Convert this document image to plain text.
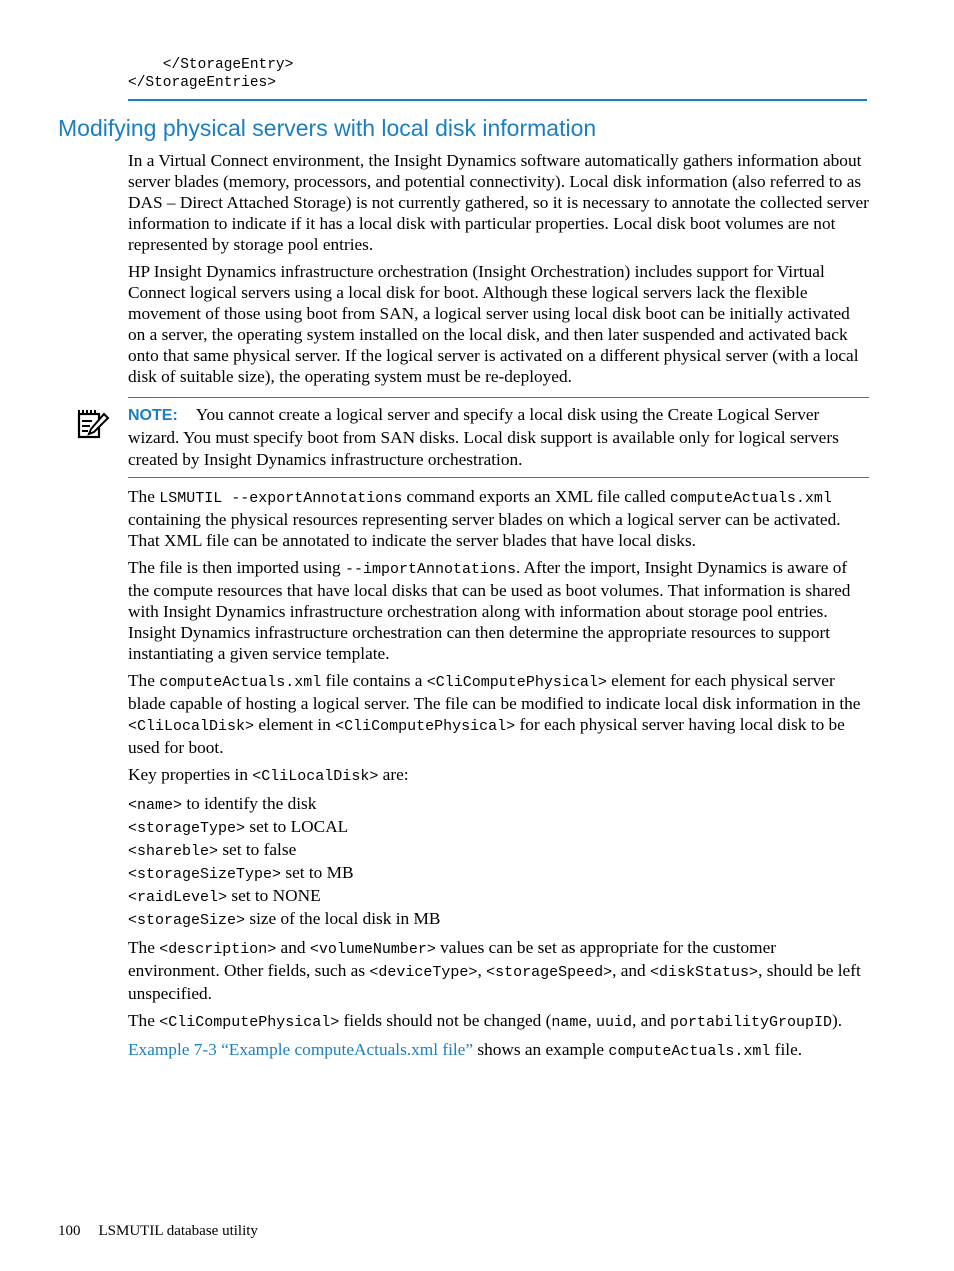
</StorageEntry>
</StorageEntries>
Modifying physical servers with local disk information

In a Virtual Connect environment, the Insight Dynamics software automatically gathers information about server blades (memory, processors, and potential connectivity). Local disk information (also referred to as DAS – Direct Attached Storage) is not currently gathered, so it is necessary to annotate the collected server information to indicate if it has a local disk with particular properties. Local disk boot volumes are not represented by storage pool entries.

HP Insight Dynamics infrastructure orchestration (Insight Orchestration) includes support for Virtual Connect logical servers using a local disk for boot. Although these logical servers lack the flexible movement of those using boot from SAN, a logical server using local disk boot can be initially activated on a server, the operating system installed on the local disk, and then later suspended and activated back onto that same physical server. If the logical server is activated on a different physical server (with a local disk of suitable size), the operating system must be re-deployed.

NOTE: You cannot create a logical server and specify a local disk using the Create Logical Server wizard. You must specify boot from SAN disks. Local disk support is available only for logical servers created by Insight Dynamics infrastructure orchestration.

The LSMUTIL --exportAnnotations command exports an XML file called computeActuals.xml containing the physical resources representing server blades on which a logical server can be activated. That XML file can be annotated to indicate the server blades that have local disks.

The file is then imported using --importAnnotations. After the import, Insight Dynamics is aware of the compute resources that have local disks that can be used as boot volumes. That information is shared with Insight Dynamics infrastructure orchestration along with information about storage pool entries. Insight Dynamics infrastructure orchestration can then determine the appropriate resources to support instantiating a given service template.

The computeActuals.xml file contains a <CliComputePhysical> element for each physical server blade capable of hosting a logical server. The file can be modified to indicate local disk information in the <CliLocalDisk> element in <CliComputePhysical> for each physical server having local disk to be used for boot.

Key properties in <CliLocalDisk> are:

<name> to identify the disk
<storageType> set to LOCAL
<shareble> set to false
<storageSizeType> set to MB
<raidLevel> set to NONE
<storageSize> size of the local disk in MB

The <description> and <volumeNumber> values can be set as appropriate for the customer environment. Other fields, such as <deviceType>, <storageSpeed>, and <diskStatus>, should be left unspecified.

The <CliComputePhysical> fields should not be changed (name, uuid, and portabilityGroupID).

Example 7-3 “Example computeActuals.xml file” shows an example computeActuals.xml file.

100 LSMUTIL database utility
